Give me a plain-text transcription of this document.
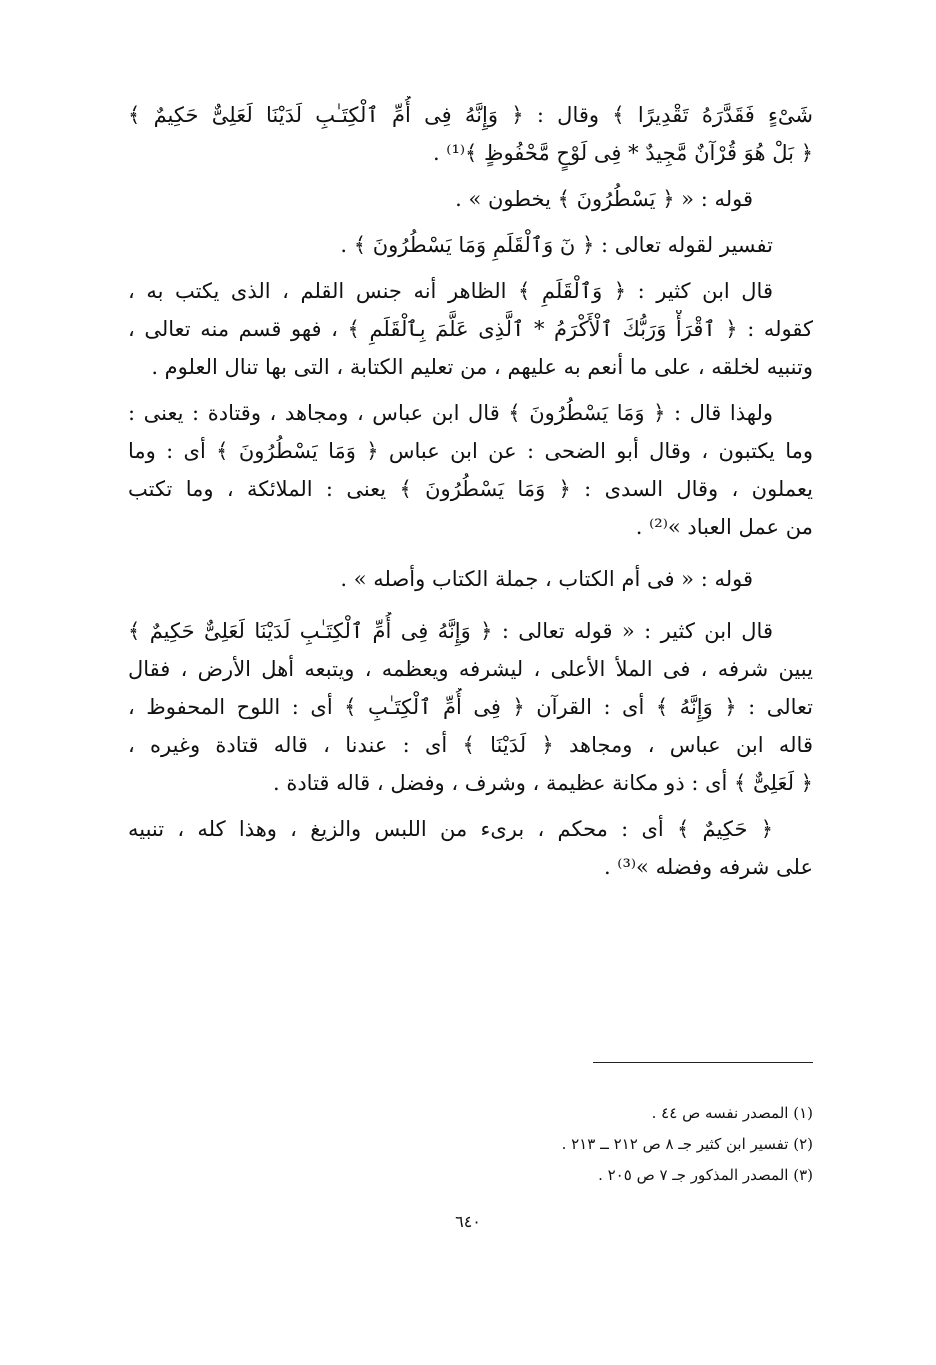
شَىْءٍ فَقَدَّرَهُ تَقْدِيرًا ﴾ وقال : ﴿ وَإِنَّهُ فِى أُمِّ ٱلْكِتَـٰبِ لَدَيْنَا لَعَلِىٌّ حَكِيمٌ ﴾
﴿ بَلْ هُوَ قُرْآنٌ مَّجِيدٌ * فِى لَوْحٍ مَّحْفُوظٍ ﴾⁽¹⁾ .
قوله : « ﴿ يَسْطُرُونَ ﴾ يخطون » .
تفسير لقوله تعالى : ﴿ نٓ وَٱلْقَلَمِ وَمَا يَسْطُرُونَ ﴾ .
قال ابن كثير : ﴿ وَٱلْقَلَمِ ﴾ الظاهر أنه جنس القلم ، الذى يكتب به ،
كقوله : ﴿ ٱقْرَأْ وَرَبُّكَ ٱلْأَكْرَمُ * ٱلَّذِى عَلَّمَ بِٱلْقَلَمِ ﴾ ، فهو قسم منه تعالى ،
وتنبيه لخلقه ، على ما أنعم به عليهم ، من تعليم الكتابة ، التى بها تنال العلوم .
ولهذا قال : ﴿ وَمَا يَسْطُرُونَ ﴾ قال ابن عباس ، ومجاهد ، وقتادة : يعنى :
وما يكتبون ، وقال أبو الضحى : عن ابن عباس ﴿ وَمَا يَسْطُرُونَ ﴾ أى : وما
يعملون ، وقال السدى : ﴿ وَمَا يَسْطُرُونَ ﴾ يعنى : الملائكة ، وما تكتب
من عمل العباد »⁽²⁾ .
قوله : « فى أم الكتاب ، جملة الكتاب وأصله » .
قال ابن كثير : « قوله تعالى : ﴿ وَإِنَّهُ فِى أُمِّ ٱلْكِتَـٰبِ لَدَيْنَا لَعَلِىٌّ حَكِيمٌ ﴾
يبين شرفه ، فى الملأ الأعلى ، ليشرفه ويعظمه ، ويتبعه أهل الأرض ، فقال
تعالى : ﴿ وَإِنَّهُ ﴾ أى : القرآن ﴿ فِى أُمِّ ٱلْكِتَـٰبِ ﴾ أى : اللوح المحفوظ ،
قاله ابن عباس ، ومجاهد ﴿ لَدَيْنَا ﴾ أى : عندنا ، قاله قتادة وغيره ،
﴿ لَعَلِىٌّ ﴾ أى : ذو مكانة عظيمة ، وشرف ، وفضل ، قاله قتادة .
﴿ حَكِيمٌ ﴾ أى : محكم ، برىء من اللبس والزيغ ، وهذا كله ، تنبيه
على شرفه وفضله »⁽³⁾ .
(١) المصدر نفسه ص ٤٤ .
(٢) تفسير ابن كثير جـ ٨ ص ٢١٢ ــ ٢١٣ .
(٣) المصدر المذكور جـ ٧ ص ٢٠٥ .
٦٤٠
